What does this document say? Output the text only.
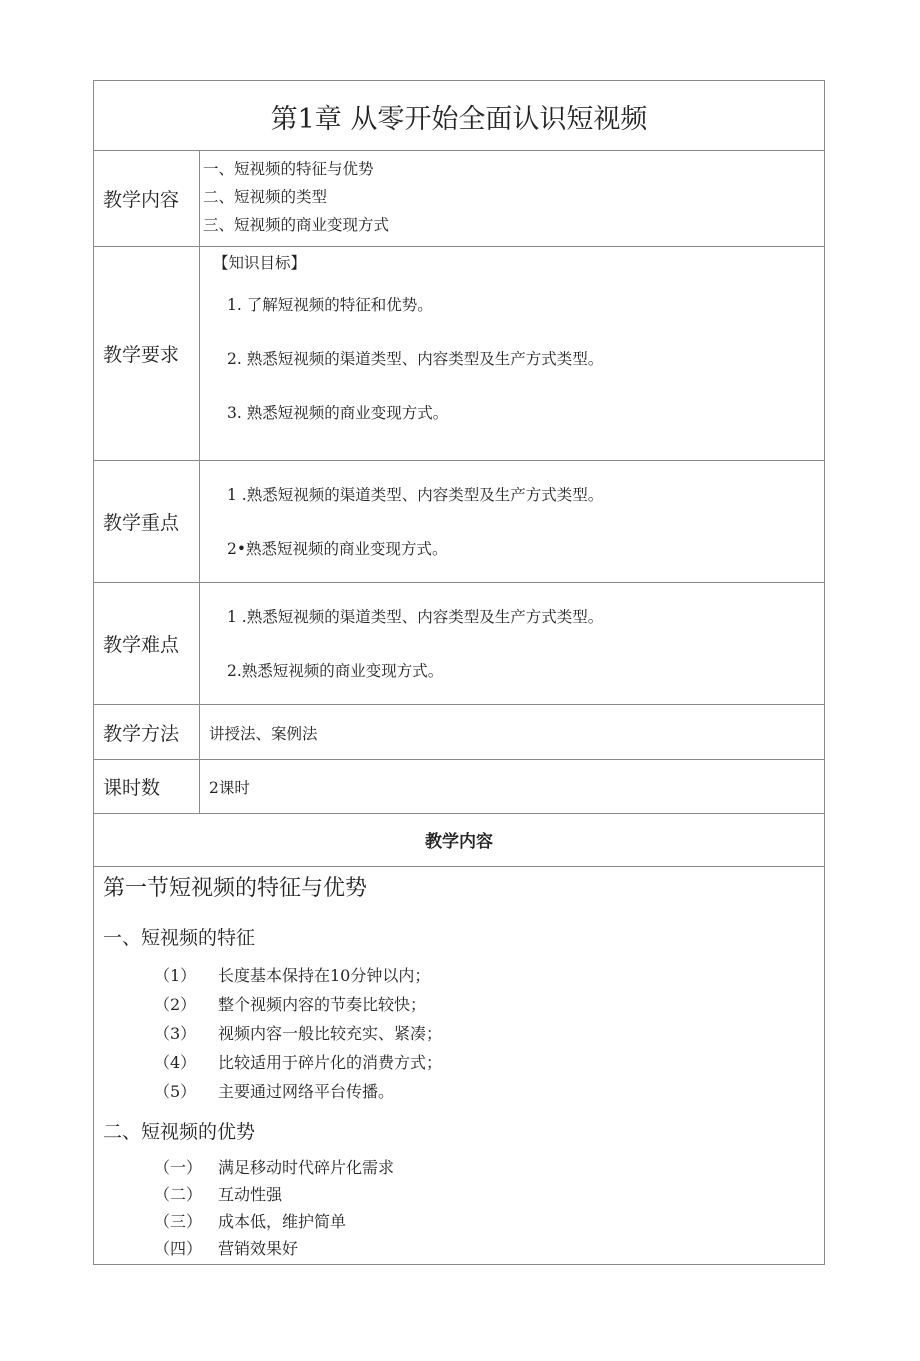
第1章 从零开始全面认识短视频
教学内容
一、短视频的特征与优势
二、短视频的类型
三、短视频的商业变现方式
教学要求
【知识目标】
1. 了解短视频的特征和优势。
2. 熟悉短视频的渠道类型、内容类型及生产方式类型。
3. 熟悉短视频的商业变现方式。
教学重点
1 .熟悉短视频的渠道类型、内容类型及生产方式类型。
2•熟悉短视频的商业变现方式。
教学难点
1 .熟悉短视频的渠道类型、内容类型及生产方式类型。
2.熟悉短视频的商业变现方式。
教学方法	讲授法、案例法
课时数	2课时
教学内容
第一节短视频的特征与优势
一、短视频的特征
（1） 长度基本保持在10分钟以内；
（2） 整个视频内容的节奏比较快；
（3） 视频内容一般比较充实、紧凑；
（4） 比较适用于碎片化的消费方式；
（5） 主要通过网络平台传播。
二、短视频的优势
（一） 满足移动时代碎片化需求
（二） 互动性强
（三） 成本低，维护简单
（四） 营销效果好
